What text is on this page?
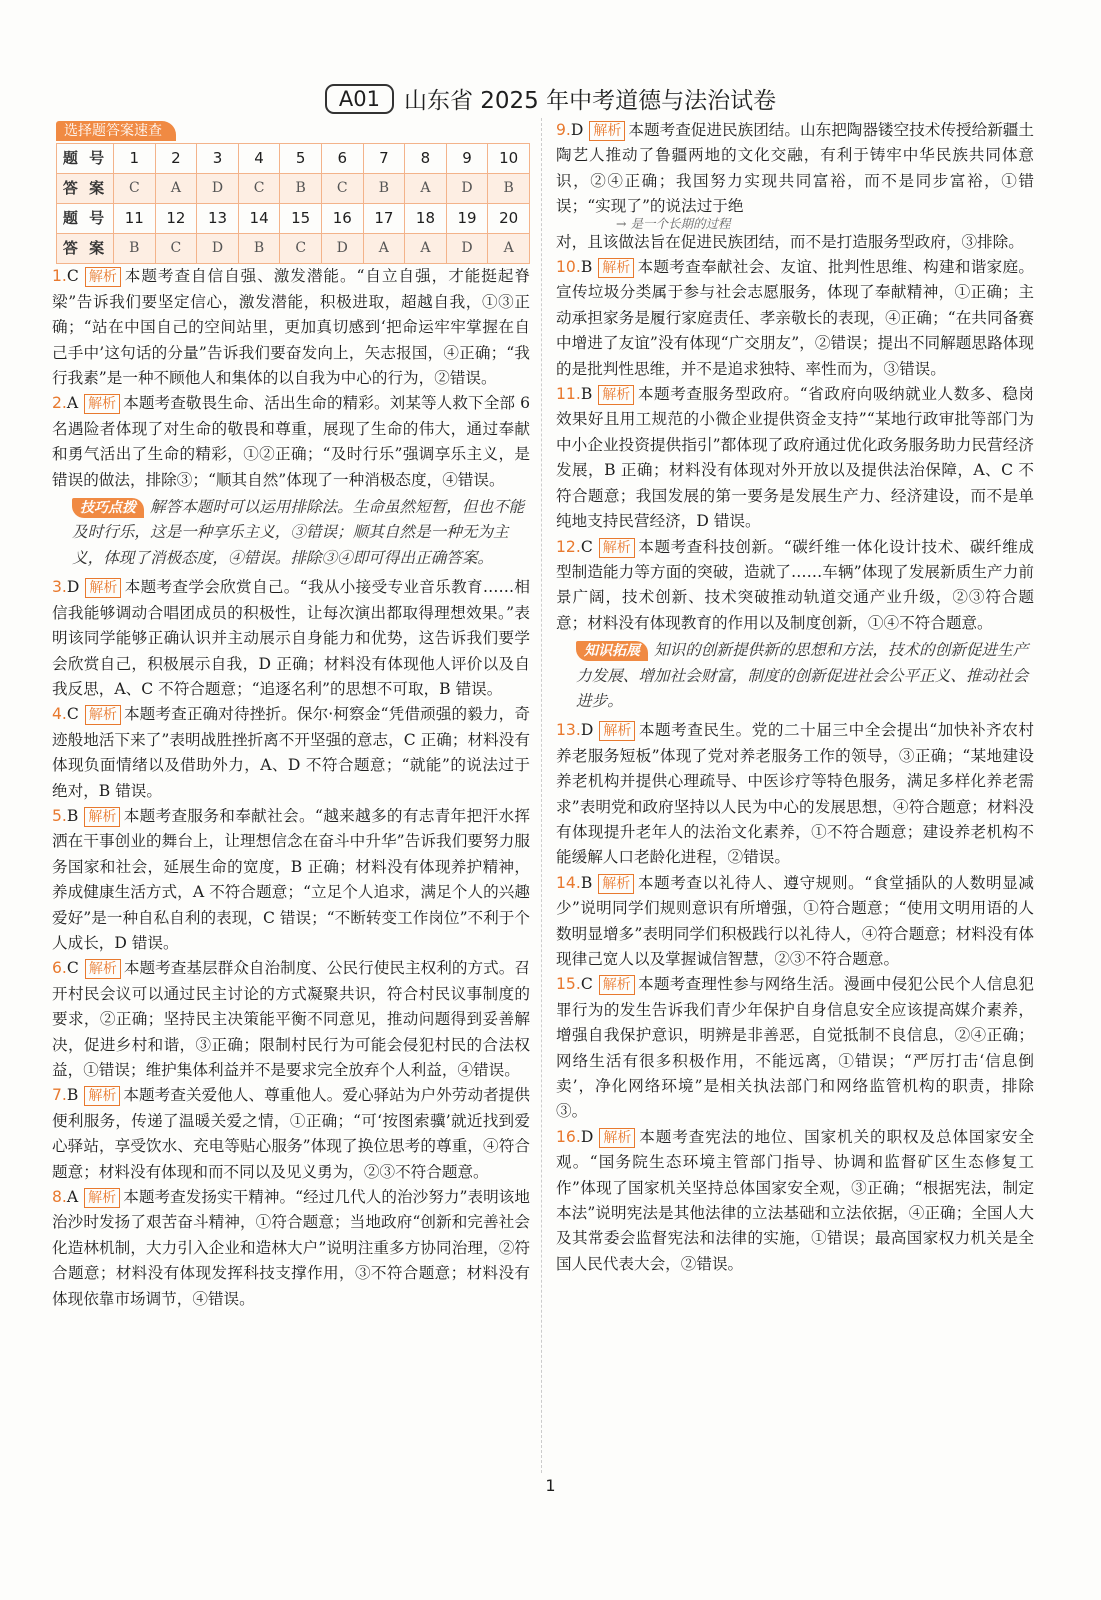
A01 山东省 2025 年中考道德与法治试卷
选择题答案速查
题 号	1	2	3	4	5	6	7	8	9	10
答 案	C	A	D	C	B	C	B	A	D	B
题 号	11	12	13	14	15	16	17	18	19	20
答 案	B	C	D	B	C	D	A	A	D	A

1.C 解析 本题考查自信自强、激发潜能。“自立自强，才能挺起脊梁”告诉我们要坚定信心，激发潜能，积极进取，超越自我，①③正确；“站在中国自己的空间站里，更加真切感到‘把命运牢牢掌握在自己手中’这句话的分量”告诉我们要奋发向上，矢志报国，④正确；“我行我素”是一种不顾他人和集体的以自我为中心的行为，②错误。

2.A 解析 本题考查敬畏生命、活出生命的精彩。刘某等人救下全部 6 名遇险者体现了对生命的敬畏和尊重，展现了生命的伟大，通过奉献和勇气活出了生命的精彩，①②正确；“及时行乐”强调享乐主义，是错误的做法，排除③；“顺其自然”体现了一种消极态度，④错误。

技巧点拨 解答本题时可以运用排除法。生命虽然短暂，但也不能及时行乐，这是一种享乐主义，③错误；顺其自然是一种无为主义，体现了消极态度，④错误。排除③④即可得出正确答案。

3.D 解析 本题考查学会欣赏自己。“我从小接受专业音乐教育……相信我能够调动合唱团成员的积极性，让每次演出都取得理想效果。”表明该同学能够正确认识并主动展示自身能力和优势，这告诉我们要学会欣赏自己，积极展示自我，D 正确；材料没有体现他人评价以及自我反思，A、C 不符合题意；“追逐名利”的思想不可取，B 错误。

4.C 解析 本题考查正确对待挫折。保尔·柯察金“凭借顽强的毅力，奇迹般地活下来了”表明战胜挫折离不开坚强的意志，C 正确；材料没有体现负面情绪以及借助外力，A、D 不符合题意；“就能”的说法过于绝对，B 错误。

5.B 解析 本题考查服务和奉献社会。“越来越多的有志青年把汗水挥洒在干事创业的舞台上，让理想信念在奋斗中升华”告诉我们要努力服务国家和社会，延展生命的宽度，B 正确；材料没有体现养护精神，养成健康生活方式，A 不符合题意；“立足个人追求，满足个人的兴趣爱好”是一种自私自利的表现，C 错误；“不断转变工作岗位”不利于个人成长，D 错误。

6.C 解析 本题考查基层群众自治制度、公民行使民主权利的方式。召开村民会议可以通过民主讨论的方式凝聚共识，符合村民议事制度的要求，②正确；坚持民主决策能平衡不同意见，推动问题得到妥善解决，促进乡村和谐，③正确；限制村民行为可能会侵犯村民的合法权益，①错误；维护集体利益并不是要求完全放弃个人利益，④错误。

7.B 解析 本题考查关爱他人、尊重他人。爱心驿站为户外劳动者提供便利服务，传递了温暖关爱之情，①正确；“可‘按图索骥’就近找到爱心驿站，享受饮水、充电等贴心服务”体现了换位思考的尊重，④符合题意；材料没有体现和而不同以及见义勇为，②③不符合题意。

8.A 解析 本题考查发扬实干精神。“经过几代人的治沙努力”表明该地治沙时发扬了艰苦奋斗精神，①符合题意；当地政府“创新和完善社会化造林机制，大力引入企业和造林大户”说明注重多方协同治理，②符合题意；材料没有体现发挥科技支撑作用，③不符合题意；材料没有体现依靠市场调节，④错误。

9.D 解析 本题考查促进民族团结。山东把陶器镂空技术传授给新疆土陶艺人推动了鲁疆两地的文化交融，有利于铸牢中华民族共同体意识，②④正确；我国努力实现共同富裕，而不是同步富裕，①错误；“实现了”的说法过于绝

→ 是一个长期的过程

对，且该做法旨在促进民族团结，而不是打造服务型政府，③排除。

10.B 解析 本题考查奉献社会、友谊、批判性思维、构建和谐家庭。宣传垃圾分类属于参与社会志愿服务，体现了奉献精神，①正确；主动承担家务是履行家庭责任、孝亲敬长的表现，④正确；“在共同备赛中增进了友谊”没有体现“广交朋友”，②错误；提出不同解题思路体现的是批判性思维，并不是追求独特、率性而为，③错误。

11.B 解析 本题考查服务型政府。“省政府向吸纳就业人数多、稳岗效果好且用工规范的小微企业提供资金支持”“某地行政审批等部门为中小企业投资提供指引”都体现了政府通过优化政务服务助力民营经济发展，B 正确；材料没有体现对外开放以及提供法治保障，A、C 不符合题意；我国发展的第一要务是发展生产力、经济建设，而不是单纯地支持民营经济，D 错误。

12.C 解析 本题考查科技创新。“碳纤维一体化设计技术、碳纤维成型制造能力等方面的突破，造就了……车辆”体现了发展新质生产力前景广阔，技术创新、技术突破推动轨道交通产业升级，②③符合题意；材料没有体现教育的作用以及制度创新，①④不符合题意。

知识拓展 知识的创新提供新的思想和方法，技术的创新促进生产力发展、增加社会财富，制度的创新促进社会公平正义、推动社会进步。

13.D 解析 本题考查民生。党的二十届三中全会提出“加快补齐农村养老服务短板”体现了党对养老服务工作的领导，③正确；“某地建设养老机构并提供心理疏导、中医诊疗等特色服务，满足多样化养老需求”表明党和政府坚持以人民为中心的发展思想，④符合题意；材料没有体现提升老年人的法治文化素养，①不符合题意；建设养老机构不能缓解人口老龄化进程，②错误。

14.B 解析 本题考查以礼待人、遵守规则。“食堂插队的人数明显减少”说明同学们规则意识有所增强，①符合题意；“使用文明用语的人数明显增多”表明同学们积极践行以礼待人，④符合题意；材料没有体现律己宽人以及掌握诚信智慧，②③不符合题意。

15.C 解析 本题考查理性参与网络生活。漫画中侵犯公民个人信息犯罪行为的发生告诉我们青少年保护自身信息安全应该提高媒介素养，增强自我保护意识，明辨是非善恶，自觉抵制不良信息，②④正确；网络生活有很多积极作用，不能远离，①错误；“严厉打击‘信息倒卖’，净化网络环境”是相关执法部门和网络监管机构的职责，排除③。

16.D 解析 本题考查宪法的地位、国家机关的职权及总体国家安全观。“国务院生态环境主管部门指导、协调和监督矿区生态修复工作”体现了国家机关坚持总体国家安全观，③正确；“根据宪法，制定本法”说明宪法是其他法律的立法基础和立法依据，④正确；全国人大及其常委会监督宪法和法律的实施，①错误；最高国家权力机关是全国人民代表大会，②错误。

1
